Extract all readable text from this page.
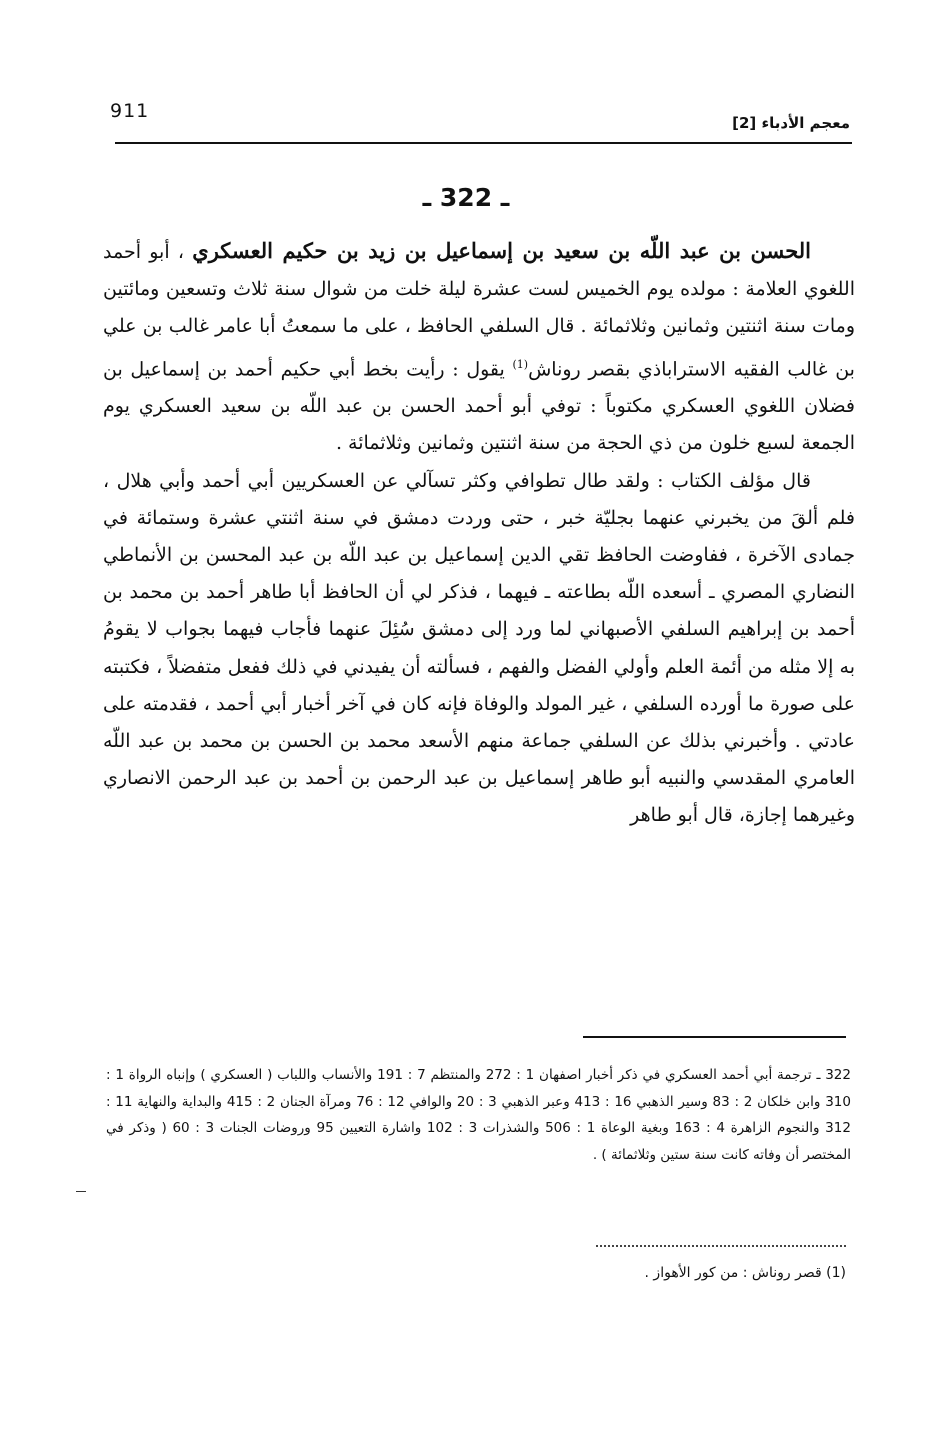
911
معجم الأدباء [2]
ـ 322 ـ

الحسن بن عبد اللّه بن سعيد بن إسماعيل بن زيد بن حكيم العسكري ، أبو أحمد اللغوي العلامة : مولده يوم الخميس لست عشرة ليلة خلت من شوال سنة ثلاث وتسعين ومائتين ومات سنة اثنتين وثمانين وثلاثمائة . قال السلفي الحافظ ، على ما سمعتُ أبا عامر غالب بن علي بن غالب الفقيه الاستراباذي بقصر روناش$^{(1)}$ يقول : رأيت بخط أبي حكيم أحمد بن إسماعيل بن فضلان اللغوي العسكري مكتوباً : توفي أبو أحمد الحسن بن عبد اللّه بن سعيد العسكري يوم الجمعة لسبع خلون من ذي الحجة من سنة اثنتين وثمانين وثلاثمائة .

قال مؤلف الكتاب : ولقد طال تطوافي وكثر تسآلي عن العسكريين أبي أحمد وأبي هلال ، فلم ألقَ من يخبرني عنهما بجليّة خبر ، حتى وردت دمشق في سنة اثنتي عشرة وستمائة في جمادى الآخرة ، ففاوضت الحافظ تقي الدين إسماعيل بن عبد اللّه بن عبد المحسن بن الأنماطي النضاري المصري ـ أسعده اللّه بطاعته ـ فيهما ، فذكر لي أن الحافظ أبا طاهر أحمد بن محمد بن أحمد بن إبراهيم السلفي الأصبهاني لما ورد إلى دمشق سُئِلَ عنهما فأجاب فيهما بجواب لا يقومُ به إلا مثله من أئمة العلم وأولي الفضل والفهم ، فسألته أن يفيدني في ذلك ففعل متفضلاً ، فكتبته على صورة ما أورده السلفي ، غير المولد والوفاة فإنه كان في آخر أخبار أبي أحمد ، فقدمته على عادتي . وأخبرني بذلك عن السلفي جماعة منهم الأسعد محمد بن الحسن بن محمد بن عبد اللّه العامري المقدسي والنبيه أبو طاهر إسماعيل بن عبد الرحمن بن أحمد بن عبد الرحمن الانصاري وغيرهما إجازة، قال أبو طاهر

322 ـ ترجمة أبي أحمد العسكري في ذكر أخبار اصفهان 1 : 272 والمنتظم 7 : 191 والأنساب واللباب ( العسكري ) وإنباه الرواة 1 : 310 وابن خلكان 2 : 83 وسير الذهبي 16 : 413 وعبر الذهبي 3 : 20 والوافي 12 : 76 ومرآة الجنان 2 : 415 والبداية والنهاية 11 : 312 والنجوم الزاهرة 4 : 163 وبغية الوعاة 1 : 506 والشذرات 3 : 102 واشارة التعيين 95 وروضات الجنات 3 : 60 ( وذكر في المختصر أن وفاته كانت سنة ستين وثلاثمائة ) .
(1) قصر روناش : من كور الأهواز .
